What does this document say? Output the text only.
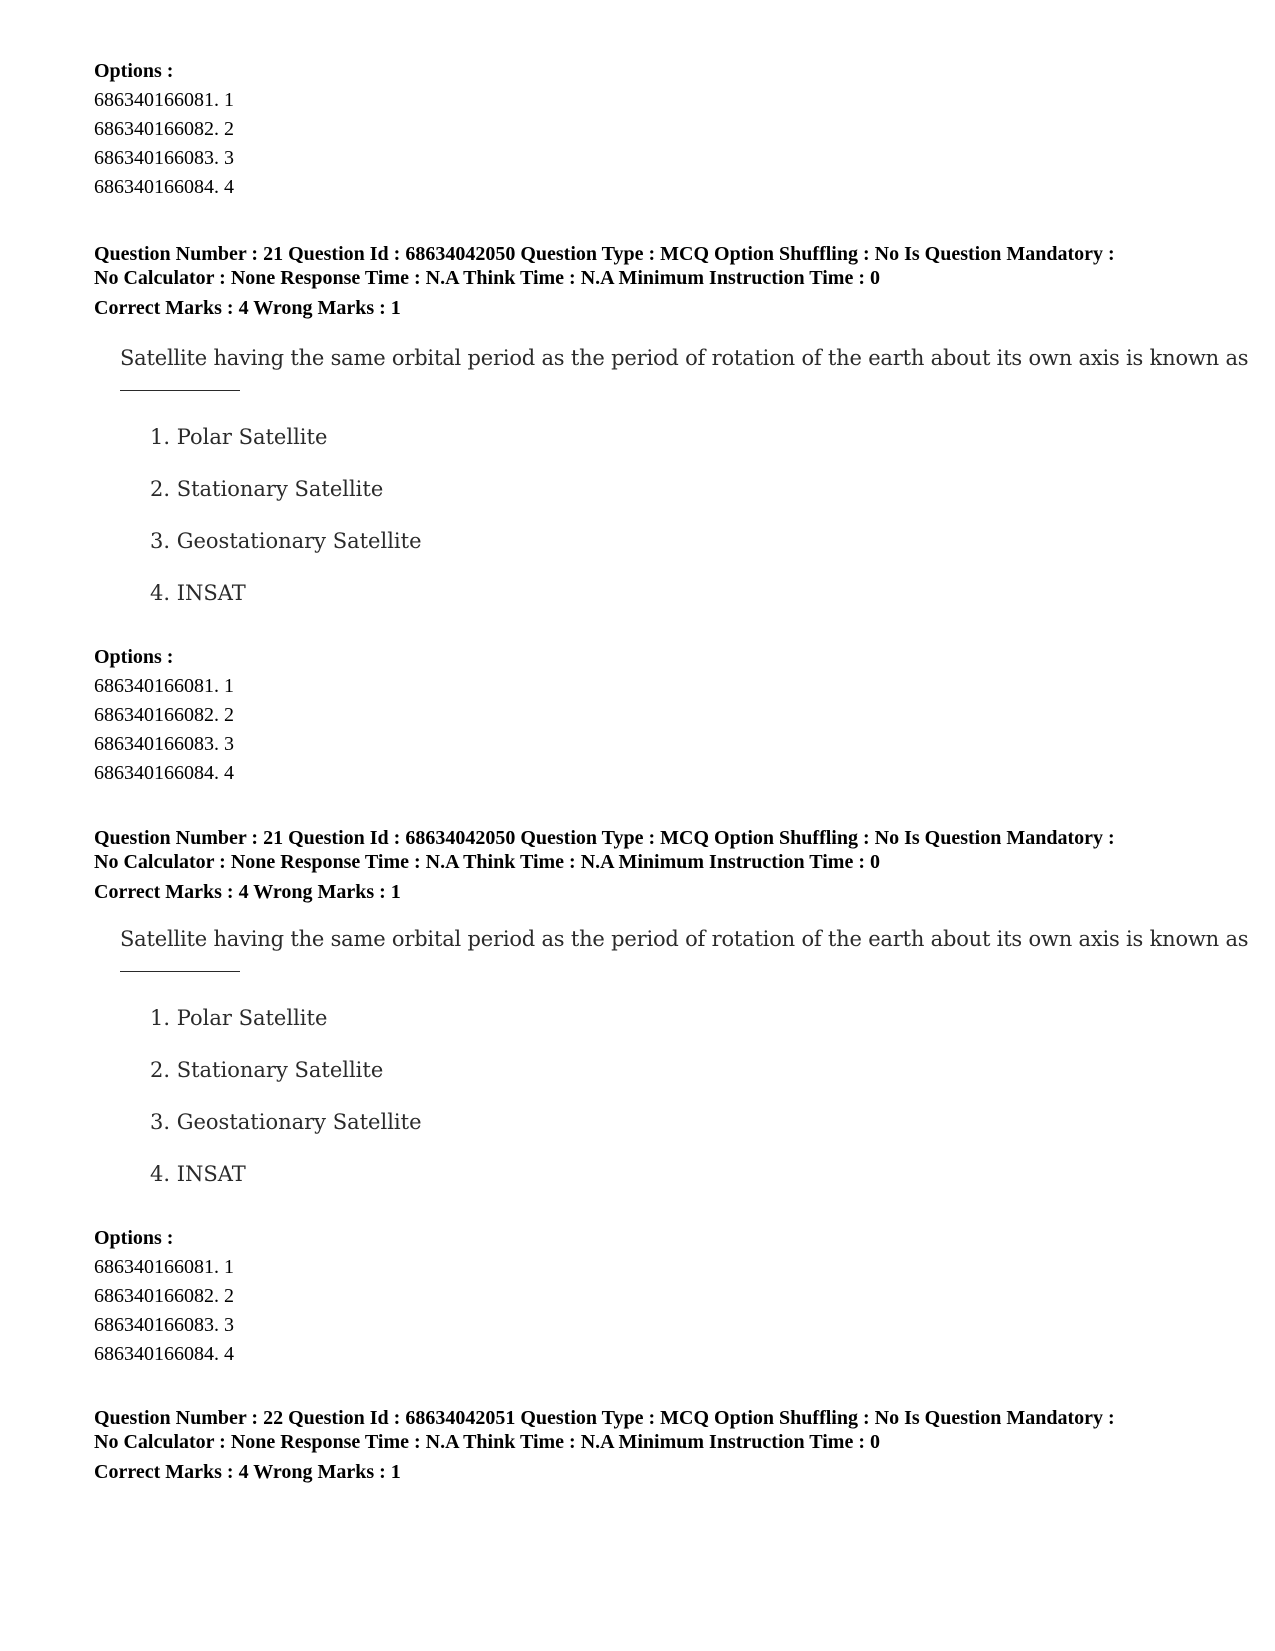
Options :
686340166081. 1
686340166082. 2
686340166083. 3
686340166084. 4
Question Number : 21 Question Id : 68634042050 Question Type : MCQ Option Shuffling : No Is Question Mandatory :
No Calculator : None Response Time : N.A Think Time : N.A Minimum Instruction Time : 0
Correct Marks : 4 Wrong Marks : 1
Satellite having the same orbital period as the period of rotation of the earth about its own axis is known as
1. Polar Satellite
2. Stationary Satellite
3. Geostationary Satellite
4. INSAT
Options :
686340166081. 1
686340166082. 2
686340166083. 3
686340166084. 4
Question Number : 21 Question Id : 68634042050 Question Type : MCQ Option Shuffling : No Is Question Mandatory :
No Calculator : None Response Time : N.A Think Time : N.A Minimum Instruction Time : 0
Correct Marks : 4 Wrong Marks : 1
Satellite having the same orbital period as the period of rotation of the earth about its own axis is known as
1. Polar Satellite
2. Stationary Satellite
3. Geostationary Satellite
4. INSAT
Options :
686340166081. 1
686340166082. 2
686340166083. 3
686340166084. 4
Question Number : 22 Question Id : 68634042051 Question Type : MCQ Option Shuffling : No Is Question Mandatory :
No Calculator : None Response Time : N.A Think Time : N.A Minimum Instruction Time : 0
Correct Marks : 4 Wrong Marks : 1
